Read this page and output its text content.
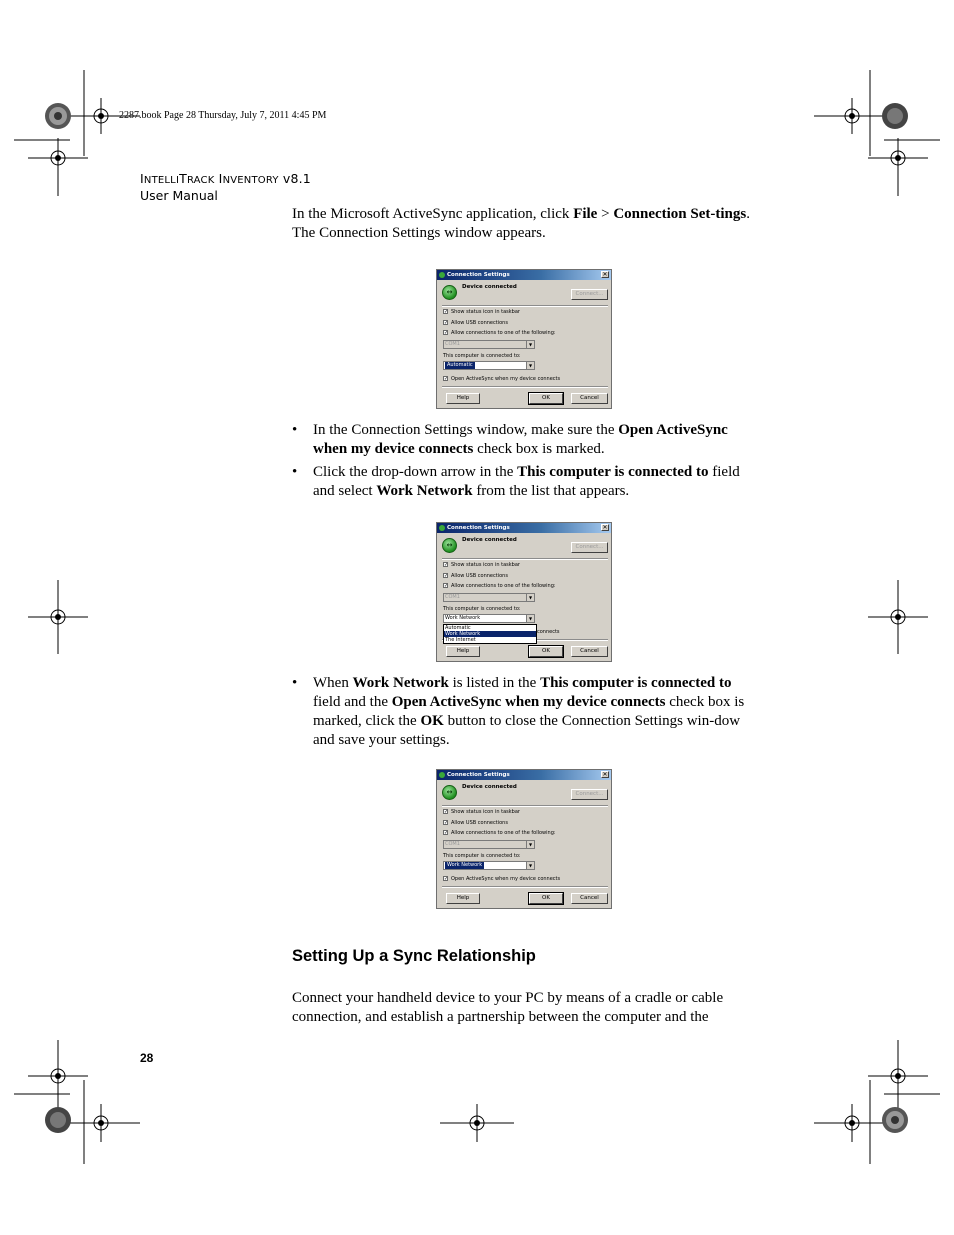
2287.book Page 28 Thursday, July 7, 2011 4:45 PM
INTELLITRACK INVENTORY v8.1
User Manual
In the Microsoft ActiveSync application, click File > Connection Set-tings. The Connection Settings window appears.
Connection Settings	✕
↔
Device connected
Connect...
✓ Show status icon in taskbar
✓ Allow USB connections
✓ Allow connections to one of the following:
COM1	▼
This computer is connected to:
Automatic	▼
✓ Open ActiveSync when my device connects
Help	OK	Cancel
• In the Connection Settings window, make sure the Open ActiveSync when my device connects check box is marked.
• Click the drop-down arrow in the This computer is connected to field and select Work Network from the list that appears.
Connection Settings	✕
↔
Device connected
Connect...
✓ Show status icon in taskbar
✓ Allow USB connections
✓ Allow connections to one of the following:
COM1	▼
This computer is connected to:
Work Network	▼
Automatic
Work Network
The Internet
connects
Help	OK	Cancel
• When Work Network is listed in the This computer is connected to field and the Open ActiveSync when my device connects check box is marked, click the OK button to close the Connection Settings win-dow and save your settings.
Connection Settings	✕
↔
Device connected
Connect...
✓ Show status icon in taskbar
✓ Allow USB connections
✓ Allow connections to one of the following:
COM1	▼
This computer is connected to:
Work Network	▼
✓ Open ActiveSync when my device connects
Help	OK	Cancel
Setting Up a Sync Relationship
Connect your handheld device to your PC by means of a cradle or cable connection, and establish a partnership between the computer and the
28
